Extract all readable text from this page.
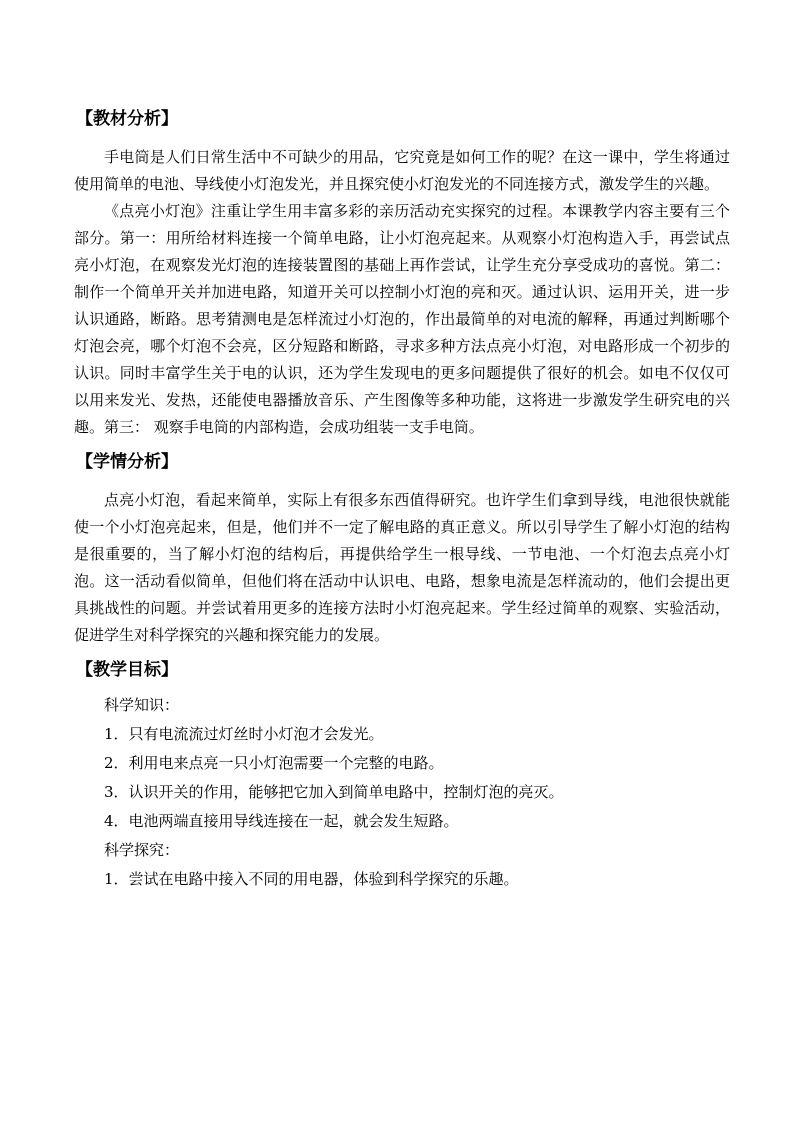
【教材分析】

手电筒是人们日常生活中不可缺少的用品，它究竟是如何工作的呢？在这一课中，学生将通过使用简单的电池、导线使小灯泡发光，并且探究使小灯泡发光的不同连接方式，激发学生的兴趣。

《点亮小灯泡》注重让学生用丰富多彩的亲历活动充实探究的过程。本课教学内容主要有三个部分。第一：用所给材料连接一个简单电路，让小灯泡亮起来。从观察小灯泡构造入手，再尝试点亮小灯泡，在观察发光灯泡的连接装置图的基础上再作尝试，让学生充分享受成功的喜悦。第二：制作一个简单开关并加进电路，知道开关可以控制小灯泡的亮和灭。通过认识、运用开关，进一步认识通路，断路。思考猜测电是怎样流过小灯泡的，作出最简单的对电流的解释，再通过判断哪个灯泡会亮，哪个灯泡不会亮，区分短路和断路，寻求多种方法点亮小灯泡，对电路形成一个初步的认识。同时丰富学生关于电的认识，还为学生发现电的更多问题提供了很好的机会。如电不仅仅可以用来发光、发热，还能使电器播放音乐、产生图像等多种功能，这将进一步激发学生研究电的兴趣。第三： 观察手电筒的内部构造，会成功组装一支手电筒。

【学情分析】

点亮小灯泡，看起来简单，实际上有很多东西值得研究。也许学生们拿到导线，电池很快就能使一个小灯泡亮起来，但是，他们并不一定了解电路的真正意义。所以引导学生了解小灯泡的结构是很重要的，当了解小灯泡的结构后，再提供给学生一根导线、一节电池、一个灯泡去点亮小灯泡。这一活动看似简单，但他们将在活动中认识电、电路，想象电流是怎样流动的，他们会提出更具挑战性的问题。并尝试着用更多的连接方法时小灯泡亮起来。学生经过简单的观察、实验活动，促进学生对科学探究的兴趣和探究能力的发展。

【教学目标】
科学知识：
1．只有电流流过灯丝时小灯泡才会发光。
2．利用电来点亮一只小灯泡需要一个完整的电路。
3．认识开关的作用，能够把它加入到简单电路中，控制灯泡的亮灭。
4．电池两端直接用导线连接在一起，就会发生短路。
科学探究：
1．尝试在电路中接入不同的用电器，体验到科学探究的乐趣。
